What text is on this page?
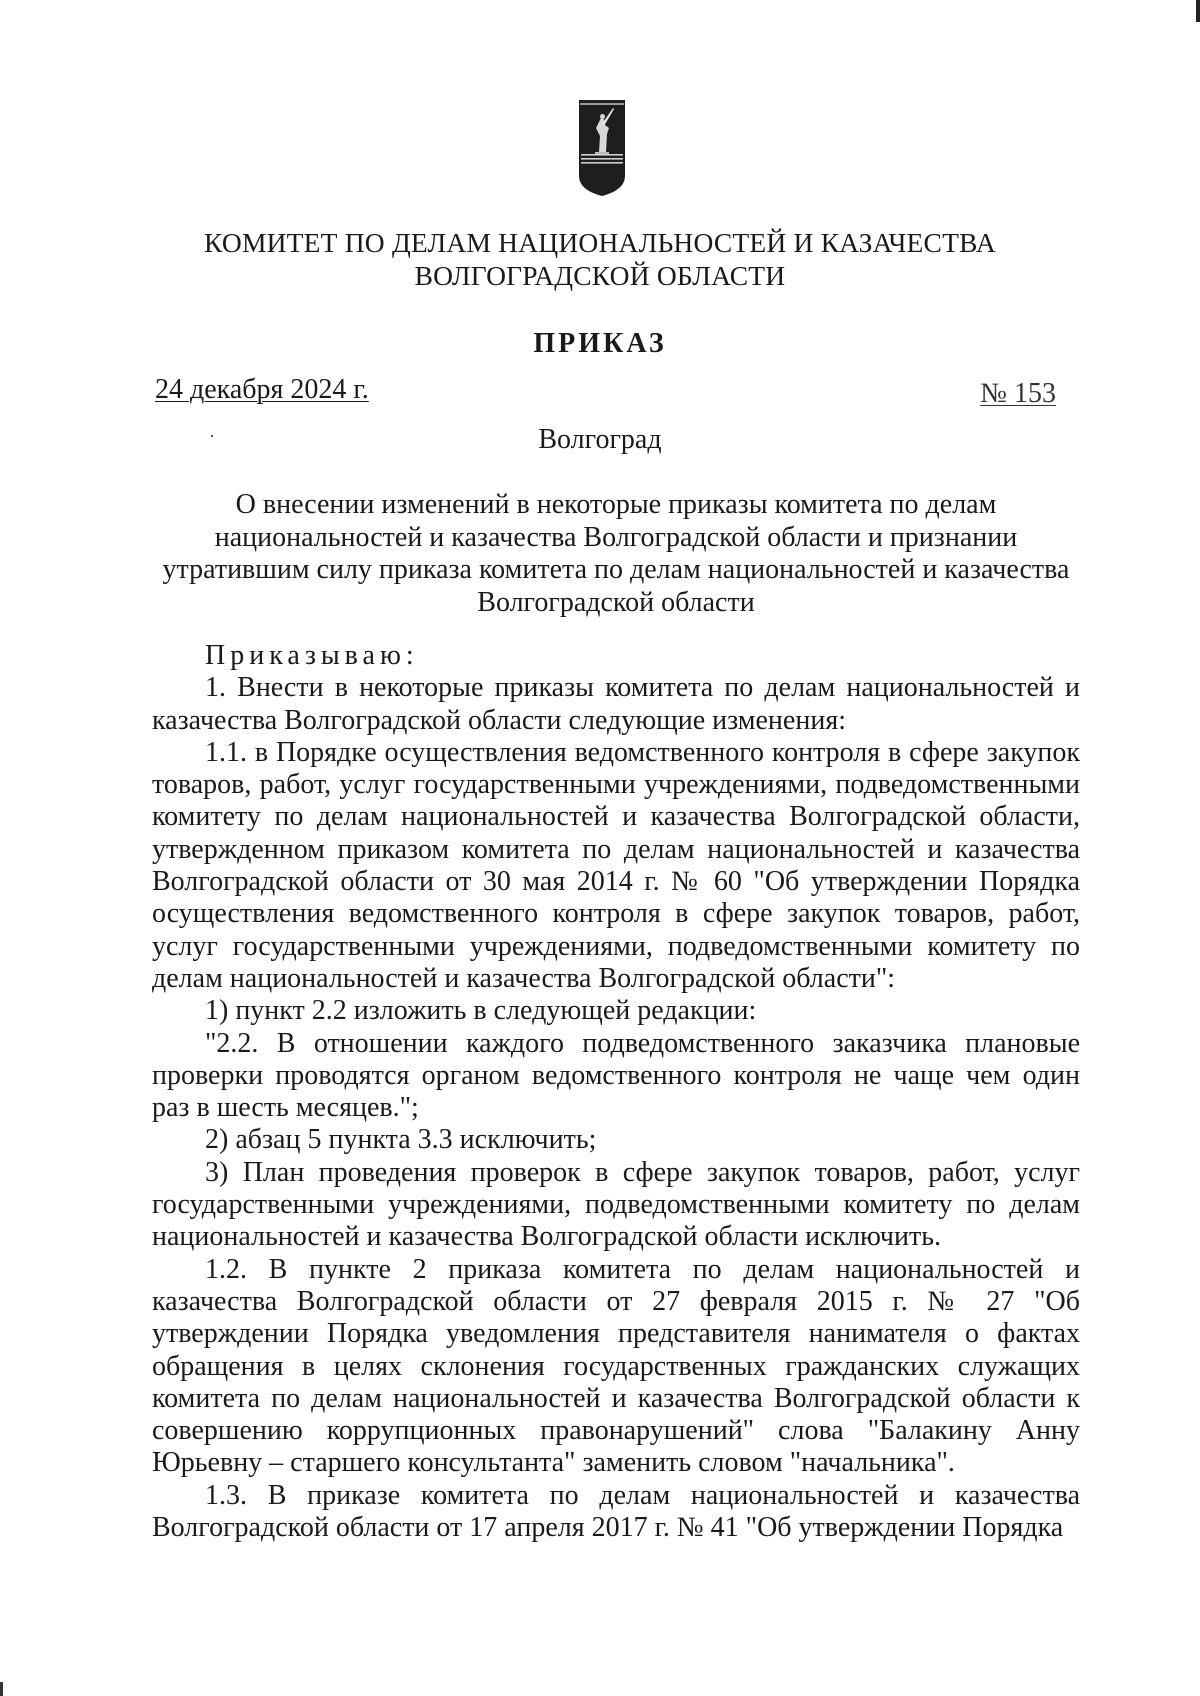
КОМИТЕТ ПО ДЕЛАМ НАЦИОНАЛЬНОСТЕЙ И КАЗАЧЕСТВА
ВОЛГОГРАДСКОЙ ОБЛАСТИ
ПРИКАЗ
24 декабря 2024 г.	№ 153
Волгоград
О внесении изменений в некоторые приказы комитета по делам национальностей и казачества Волгоградской области и признании утратившим силу приказа комитета по делам национальностей и казачества Волгоградской области

Приказываю:

1. Внести в некоторые приказы комитета по делам национальностей и казачества Волгоградской области следующие изменения:

1.1. в Порядке осуществления ведомственного контроля в сфере закупок товаров, работ, услуг государственными учреждениями, подведомственными комитету по делам национальностей и казачества Волгоградской области, утвержденном приказом комитета по делам национальностей и казачества Волгоградской области от 30 мая 2014 г. № 60 "Об утверждении Порядка осуществления ведомственного контроля в сфере закупок товаров, работ, услуг государственными учреждениями, подведомственными комитету по делам национальностей и казачества Волгоградской области":

1) пункт 2.2 изложить в следующей редакции:

"2.2. В отношении каждого подведомственного заказчика плановые проверки проводятся органом ведомственного контроля не чаще чем один раз в шесть месяцев.";

2) абзац 5 пункта 3.3 исключить;

3) План проведения проверок в сфере закупок товаров, работ, услуг государственными учреждениями, подведомственными комитету по делам национальностей и казачества Волгоградской области исключить.

1.2. В пункте 2 приказа комитета по делам национальностей и казачества Волгоградской области от 27 февраля 2015 г. № 27 "Об утверждении Порядка уведомления представителя нанимателя о фактах обращения в целях склонения государственных гражданских служащих комитета по делам национальностей и казачества Волгоградской области к совершению коррупционных правонарушений" слова "Балакину Анну Юрьевну – старшего консультанта" заменить словом "начальника".

1.3. В приказе комитета по делам национальностей и казачества Волгоградской области от 17 апреля 2017 г. № 41 "Об утверждении Порядка
